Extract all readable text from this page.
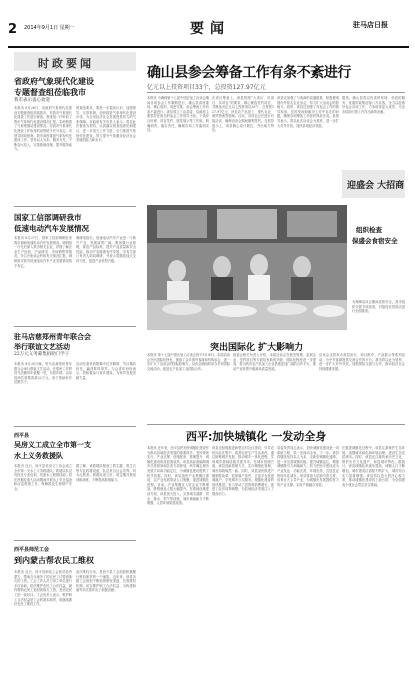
2 2014年9月1日 星期一	要闻	驻马店日报
时政要闻
省政府气象现代化建设
专题督查组莅临我市
我市表示衷心欢迎
本报讯 8月28日，省政府气象现代化建设专题督查组莅临我市，对我市气象现代化建设工作进行督查。督查组一行听取了我市气象现代化建设情况汇报，实地察看了气象观测站建设情况，对我市气象现代化建设工作取得的成绩给予充分肯定。市领导陪同督查。我市高度重视气象现代化建设工作，坚持以人为本、服务为先，不断加大投入，完善基础设施，提升服务能力。
督查组要求，要进一步提高认识，加强领导，完善机制，加快推进气象现代化建设步伐，为全省经济社会发展提供有力的气象保障。市政府有关负责人表示，将以此次督查为契机，认真落实督查组意见和建议，进一步加大工作力度，全力推进气象现代化建设，努力提升气象服务经济社会发展的能力和水平。
国家工信部调研我市
低速电动汽车发展情况
本报讯 8月27日，国家工信部调研组来我市调研低速电动汽车发展情况。调研组一行先后深入我市相关企业，详细了解企业生产经营、产品研发、市场销售等情况，并召开座谈会听取有关情况汇报。调研组对我市低速电动汽车产业发展情况给予肯定。
调研组指出，低速电动汽车产业是一个新兴产业，发展前景广阔。要加强行业管理，规范产品标准，提升产品质量和安全性能，推动产业健康有序发展。市有关部门负责人陪同调研，并表示将继续加大支持力度，促进产业转型升级。
驻马店慈郑州青年联合会
举行联谊文艺活动
22万元义务募集捐助门学子
本报讯 8月30日晚，驻马店慈郑州青年联合会举行联谊文艺活动，在郑州工作的驻马店籍青年欢聚一堂，共叙乡情。活动现场共募集善款22万元，用于资助家乡贫困学子。
活动在欢快的歌舞中拉开帷幕，节目精彩纷呈，赢得阵阵掌声。与会青年纷纷表示，将积极参与家乡建设，为家乡发展贡献力量。
西平县
吴房义工成立全市第一支
水上义务救援队
本报讯 近日，西平县吴房义工协会成立全市第一支水上义务救援队。救援队队员均经过专业培训，具备水上救援技能，将在汛期及重大活动期间开展水上安全巡查和应急救援工作，保障群众生命财产安全。
据了解，该救援队配备了救生艇、救生衣等专业救援设备，队员来自社会各界，均为志愿者。救援队成立后，将定期开展培训和演练，不断提高救援能力。
西平县师范工会
到内蒙古帮农民工维权
本报讯 近日，西平县师范工会派员赴内蒙古，帮助在当地务工的农民工讨要被拖欠的工资。工会工作人员与用工单位进行多次协商，依法维护农民工合法权益，最终帮助农民工追回被拖欠工资，受到农民工的一致好评。工会负责人表示，维护职工合法权益是工会的基本职责，将继续做好农民工维权工作。
此次维权行动，是西平县工会组织积极履行维权职责的一个缩影。近年来，该县各级工会组织不断拓宽维权渠道，完善维权机制，切实维护职工合法权益，为构建和谐劳动关系作出了积极贡献。
确山县参会筹备工作有条不紊进行
亿元以上投资项目33个，总投资127.97亿元
本报讯 为确保第十七届中国农加工洽谈会期间各项参会工作顺利进行，确山县高度重视，精心组织，周密安排，参会筹备工作有条不紊进行。该县成立了由县委、县政府主要领导任组长的参会工作领导小组，下设综合协调、项目签约、展览展示等工作组，明确职责，落实责任，确保各项工作落到实处。
在项目筹备上，该县按照“大项目、好项目、实项目”的要求，精心筛选签约项目，共筛选出亿元以上投资项目33个，总投资127.97亿元，涉及农产品加工、现代农业、商贸物流等领域。目前，各项目正在进行对接洽谈，确保洽谈会期间顺利签约。在展览展示上，该县精心设计展位，突出地方特色。
该县还加强了与客商的沟通联系，积极邀请国内外知名企业参会，努力扩大洽谈会的影响力。同时，该县还加强了对参会工作的督导检查，及时发现和解决工作中存在的问题，确保各项筹备工作按时保质完成。县领导表示，将以此次洽谈会为契机，进一步扩大对外开放，加快县域经济发展。
据悉，确山县将以优美的环境、优质的服务、优惠的政策迎接八方宾客，全力以赴做好参会各项工作，力争取得更大成效，为全市招商引资工作作出新的贡献。
迎盛会 大招商
组织检查
保盛会食宿安全
为保障洽谈会期间食宿安全，我市组织开展专项检查，对接待宾馆饭店进行全面排查。
突出国际化 扩大影响力
本报讯 第十七届中国农加工洽谈会将于9月举行。本届洽谈会突出国际化特色，邀请了众多国外客商和机构参会，进一步扩大了洽谈会的国际影响力。洽谈会期间将举办多项国际交流活动，促进农产品加工业国际合作。
组委会相关负责人介绍，本届洽谈会在展览规模、参展企业、签约项目等方面均有新的突破，国际化程度进一步提高，将为我市农产品加工企业搭建更加广阔的合作平台，推动产业转型升级和高质量发展。
洽谈会还将举办高层论坛、项目推介、产品展示等系列活动，为中外客商提供交流合作的平台。我市将以此为契机，进一步扩大对外开放，加强国际交流与合作，推动经济社会持续健康发展。
西平:加快城镇化 一发动全身
本报讯 近年来，西平县把加快城镇化建设作为推动县域经济发展的重要抓手，坚持规划先行、产业支撑、设施配套、管理提升，城镇化建设取得显著成效。该县高标准编制城市总体规划和各类专项规划，科学确定城市发展方向和功能定位，为城镇化建设提供了科学依据。同时，该县加快产业集聚区建设，以产业发展带动人口集聚，促进城镇化进程。目前，产业集聚区入驻企业不断增加，吸纳就业人数大幅提升。在基础设施建设方面，该县加大投入，完善城市道路、供水、排水、供气等设施，城市承载能力不断增强，人居环境明显改善。
该县还积极推进新型农村社区建设，引导农民向社区集中，改善农民生产生活条件。通过统筹城乡发展，推动城乡一体化进程，实现城乡基础设施共建共享。在城市管理方面，该县创新管理方式，实行精细化管理，城市面貌焕然一新。同时，该县加快推进户籍制度改革，放宽落户条件，让更多农民进城落户，享受城市公共服务。城镇化建设的加快推进，有力带动了投资和消费增长，促进了经济结构调整，为县域经济发展注入了强劲动力。
县委负责同志表示，加快城镇化建设是一项系统工程，牵一发而动全身。下一步，该县将继续坚持以人为本，走新型城镇化道路，进一步完善城镇功能，提升城镇品位，增强城镇吸引力和辐射力，努力把西平建设成为产业发达、功能完善、环境优美、宜居宜业的现代化城市。该县将加大招商引资力度，培育壮大主导产业，为城镇化发展提供有力的产业支撑，实现产城融合发展。
在推进城镇化过程中，该县注重保护生态环境，加强城市绿化和环境治理，建设生态宜居城市。同时，该县还注重传承历史文化，保护历史文化遗产，彰显城市特色。据统计，该县城镇化率逐年提高，城镇人口不断增加，城市建成区面积不断扩大，城市综合实力显著增强。该县将以更大的决心和力度，推动城镇化建设再上新台阶，为全面建成小康社会奠定坚实基础。
